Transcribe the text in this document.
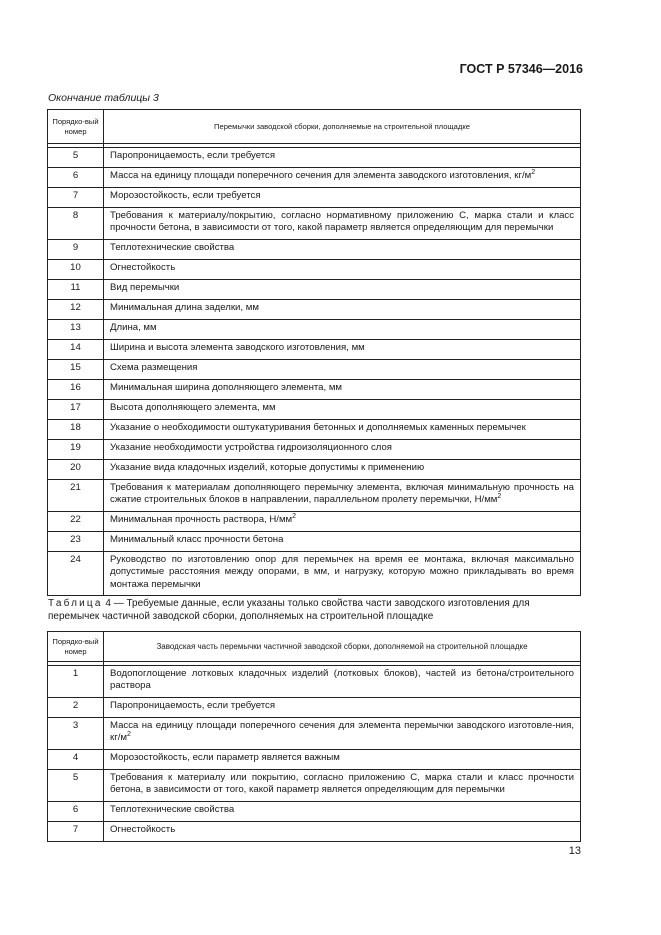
ГОСТ Р 57346—2016
Окончание таблицы 3
Порядко-вый номер	Перемычки заводской сборки, дополняемые на строительной площадке

5	Паропроницаемость, если требуется
6	Масса на единицу площади поперечного сечения для элемента заводского изготовления, $кг/м^2$
7	Морозостойкость, если требуется
8	Требования к материалу/покрытию, согласно нормативному приложению С, марка стали и класс прочности бетона, в зависимости от того, какой параметр является определяющим для перемычки
9	Теплотехнические свойства
10	Огнестойкость
11	Вид перемычки
12	Минимальная длина заделки, мм
13	Длина, мм
14	Ширина и высота элемента заводского изготовления, мм
15	Схема размещения
16	Минимальная ширина дополняющего элемента, мм
17	Высота дополняющего элемента, мм
18	Указание о необходимости оштукатуривания бетонных и дополняемых каменных перемычек
19	Указание необходимости устройства гидроизоляционного слоя
20	Указание вида кладочных изделий, которые допустимы к применению
21	Требования к материалам дополняющего перемычку элемента, включая минимальную прочность на сжатие строительных блоков в направлении, параллельном пролету перемычки, $Н/мм^2$
22	Минимальная прочность раствора, $Н/мм^2$
23	Минимальный класс прочности бетона
24	Руководство по изготовлению опор для перемычек на время ее монтажа, включая максимально допустимые расстояния между опорами, в мм, и нагрузку, которую можно прикладывать во время монтажа перемычки
Таблица 4 — Требуемые данные, если указаны только свойства части заводского изготовления для перемычек частичной заводской сборки, дополняемых на строительной площадке
Порядко-вый номер	Заводская часть перемычки частичной заводской сборки, дополняемой на строительной площадке

1	Водопоглощение лотковых кладочных изделий (лотковых блоков), частей из бетона/строительного раствора
2	Паропроницаемость, если требуется
3	Масса на единицу площади поперечного сечения для элемента перемычки заводского изготовле-ния, $кг/м^2$
4	Морозостойкость, если параметр является важным
5	Требования к материалу или покрытию, согласно приложению С, марка стали и класс прочности бетона, в зависимости от того, какой параметр является определяющим для перемычки
6	Теплотехнические свойства
7	Огнестойкость
13
